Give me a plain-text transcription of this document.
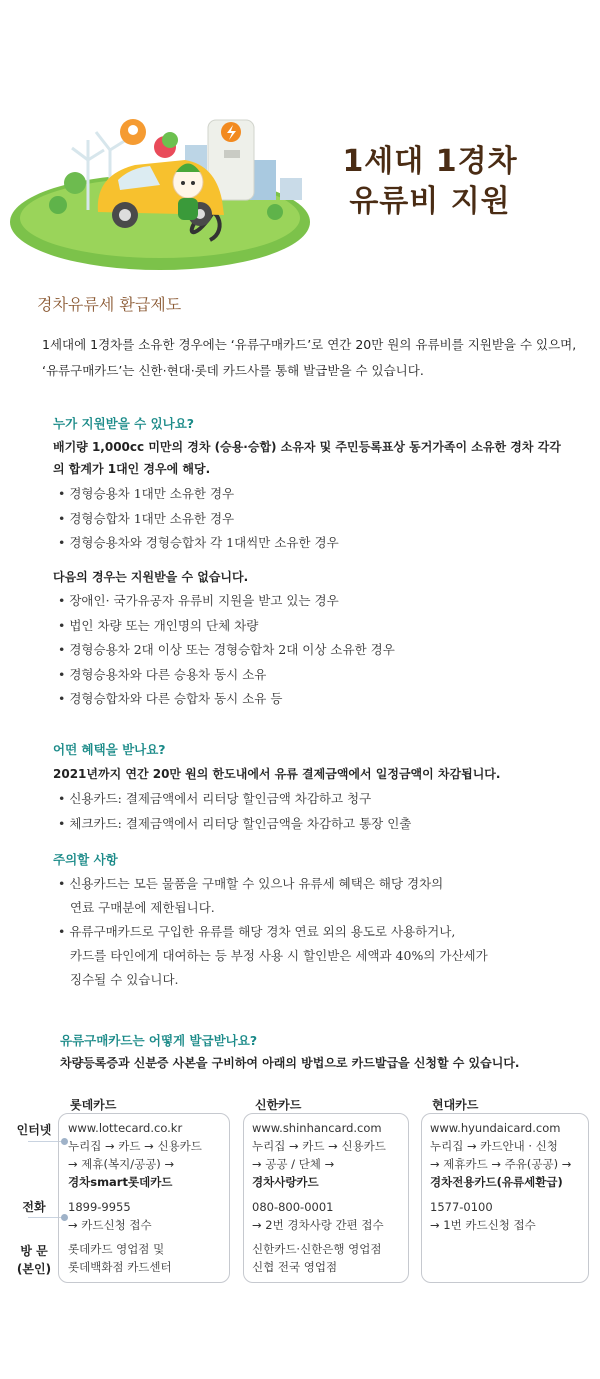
1세대 1경차
유류비 지원
경차유류세 환급제도
1세대에 1경차를 소유한 경우에는 ‘유류구매카드’로 연간 20만 원의 유류비를 지원받을 수 있으며,
‘유류구매카드’는 신한·현대·롯데 카드사를 통해 발급받을 수 있습니다.
누가 지원받을 수 있나요?
배기량 1,000cc 미만의 경차 (승용·승합) 소유자 및 주민등록표상 동거가족이 소유한 경차 각각
의 합계가 1대인 경우에 해당.
• 경형승용차 1대만 소유한 경우
• 경형승합차 1대만 소유한 경우
• 경형승용차와 경형승합차 각 1대씩만 소유한 경우
다음의 경우는 지원받을 수 없습니다.
• 장애인· 국가유공자 유류비 지원을 받고 있는 경우
• 법인 차량 또는 개인명의 단체 차량
• 경형승용차 2대 이상 또는 경형승합차 2대 이상 소유한 경우
• 경형승용차와 다른 승용차 동시 소유
• 경형승합차와 다른 승합차 동시 소유 등
어떤 혜택을 받나요?
2021년까지 연간 20만 원의 한도내에서 유류 결제금액에서 일정금액이 차감됩니다.
• 신용카드: 결제금액에서 리터당 할인금액 차감하고 청구
• 체크카드: 결제금액에서 리터당 할인금액을 차감하고 통장 인출
주의할 사항
• 신용카드는 모든 물품을 구매할 수 있으나 유류세 혜택은 해당 경차의
연료 구매분에 제한됩니다.
• 유류구매카드로 구입한 유류를 해당 경차 연료 외의 용도로 사용하거나,
카드를 타인에게 대여하는 등 부정 사용 시 할인받은 세액과 40%의 가산세가
징수될 수 있습니다.
유류구매카드는 어떻게 발급받나요?
차량등록증과 신분증 사본을 구비하여 아래의 방법으로 카드발급을 신청할 수 있습니다.
인터넷
전화
방 문
(본인)
롯데카드	신한카드	현대카드
www.lottecard.co.kr
누리집 → 카드 → 신용카드
→ 제휴(복지/공공) →
경차smart롯데카드
1899-9955
→ 카드신청 접수
롯데카드 영업점 및
롯데백화점 카드센터
www.shinhancard.com
누리집 → 카드 → 신용카드
→ 공공 / 단체 →
경차사랑카드
080-800-0001
→ 2번 경차사랑 간편 접수
신한카드·신한은행 영업점
신협 전국 영업점
www.hyundaicard.com
누리집 → 카드안내 · 신청
→ 제휴카드 → 주유(공공) →
경차전용카드(유류세환급)
1577-0100
→ 1번 카드신청 접수
